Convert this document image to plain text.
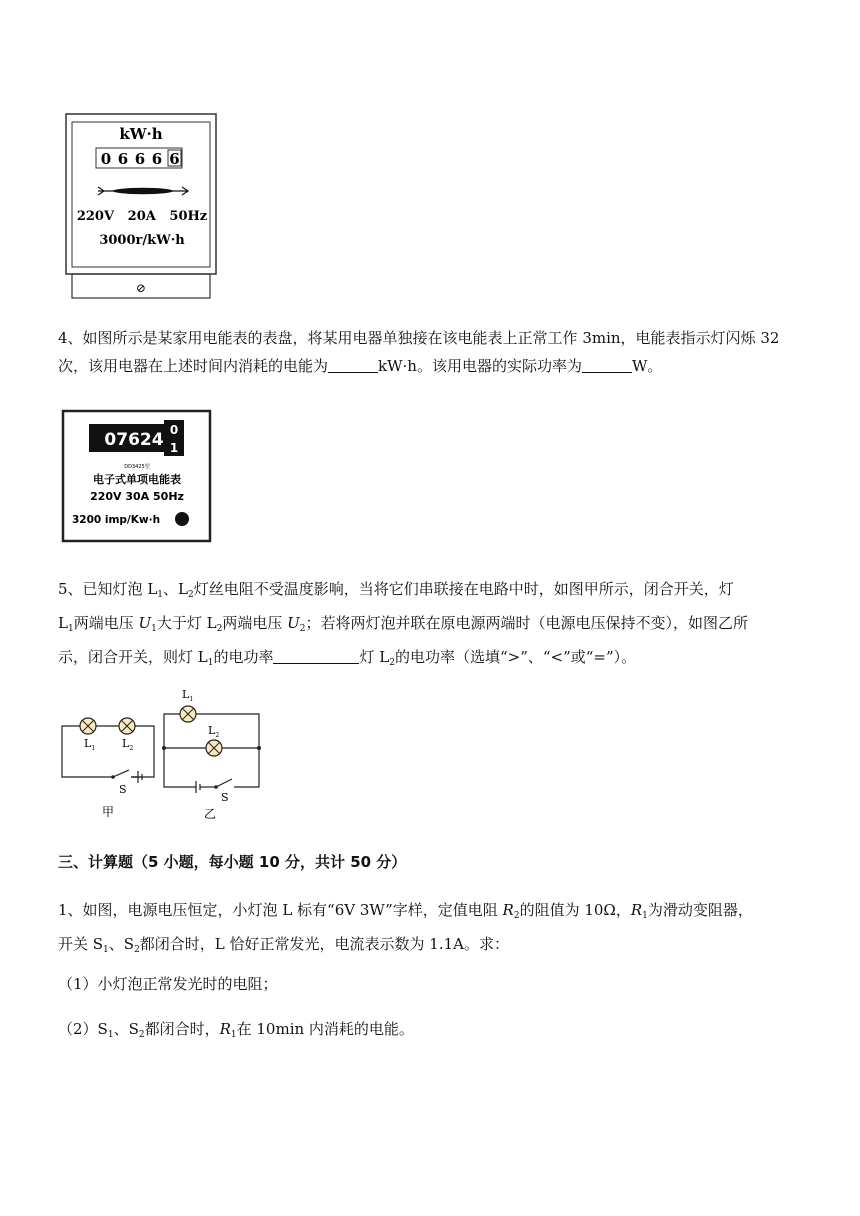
kW·h
0 6 6 6 6
220V   20A   50Hz
3000r/kW·h
⊘
4、如图所示是某家用电能表的表盘，将某用电器单独接在该电能表上正常工作 3min，电能表指示灯闪烁 32 次，该用电器在上述时间内消耗的电能为	kW·h。该用电器的实际功率为	W。
07624 0
1
DD3425型
电子式单项电能表
220V 30A 50Hz
3200 imp/Kw·h
5、已知灯泡 $L_1$、$L_2$灯丝电阻不受温度影响，当将它们串联接在电路中时，如图甲所示，闭合开关，灯
$L_1$两端电压 $U_1$大于灯 $L_2$两端电压 $U_2$；若将两灯泡并联在原电源两端时（电源电压保持不变），如图乙所
示，闭合开关，则灯 $L_1$的电功率	灯 $L_2$的电功率（选填“>”、“<”或“=”）。
$L_1$ $L_2$
S
甲
$L_1$
$L_2$
S
乙
三、计算题（5 小题，每小题 10 分，共计 50 分）
1、如图，电源电压恒定，小灯泡 L 标有“6V 3W”字样，定值电阻 $R_2$的阻值为 10Ω，$R_1$为滑动变阻器，
开关 $S_1$、$S_2$都闭合时，L 恰好正常发光，电流表示数为 1.1A。求：
（1）小灯泡正常发光时的电阻；
$(2)S_1$、$S_2$都闭合时，$R_1$在 10min 内消耗的电能。
